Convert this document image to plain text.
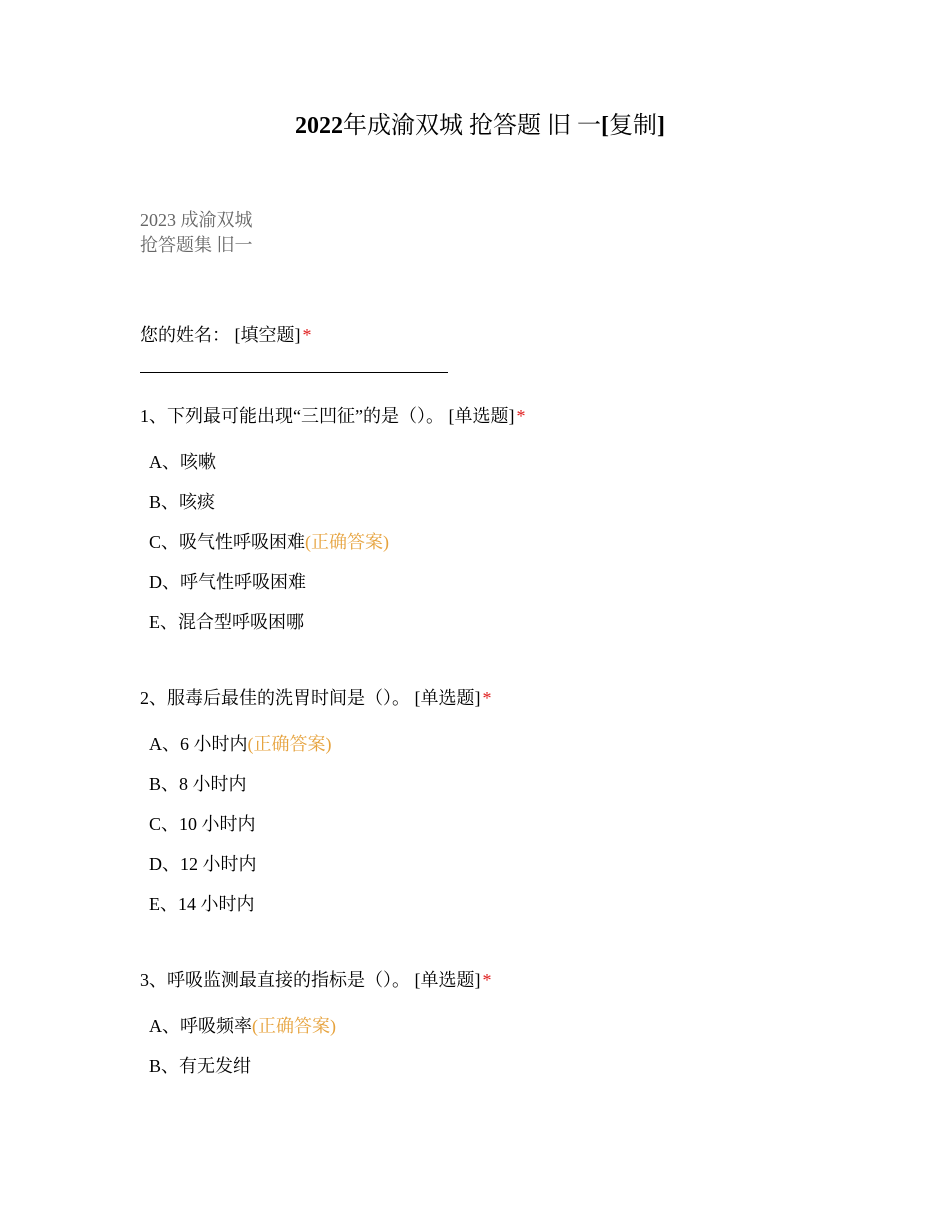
2022年成渝双城 抢答题 旧 一[复制]
2023 成渝双城
抢答题集 旧一
您的姓名： [填空题] *
1、下列最可能出现“三凹征”的是（）。 [单选题] *
A、咳嗽
B、咳痰
C、吸气性呼吸困难(正确答案)
D、呼气性呼吸困难
E、混合型呼吸困哪
2、服毒后最佳的洗胃时间是（）。 [单选题] *
A、6 小时内(正确答案)
B、8 小时内
C、10 小时内
D、12 小时内
E、14 小时内
3、呼吸监测最直接的指标是（）。 [单选题] *
A、呼吸频率(正确答案)
B、有无发绀
